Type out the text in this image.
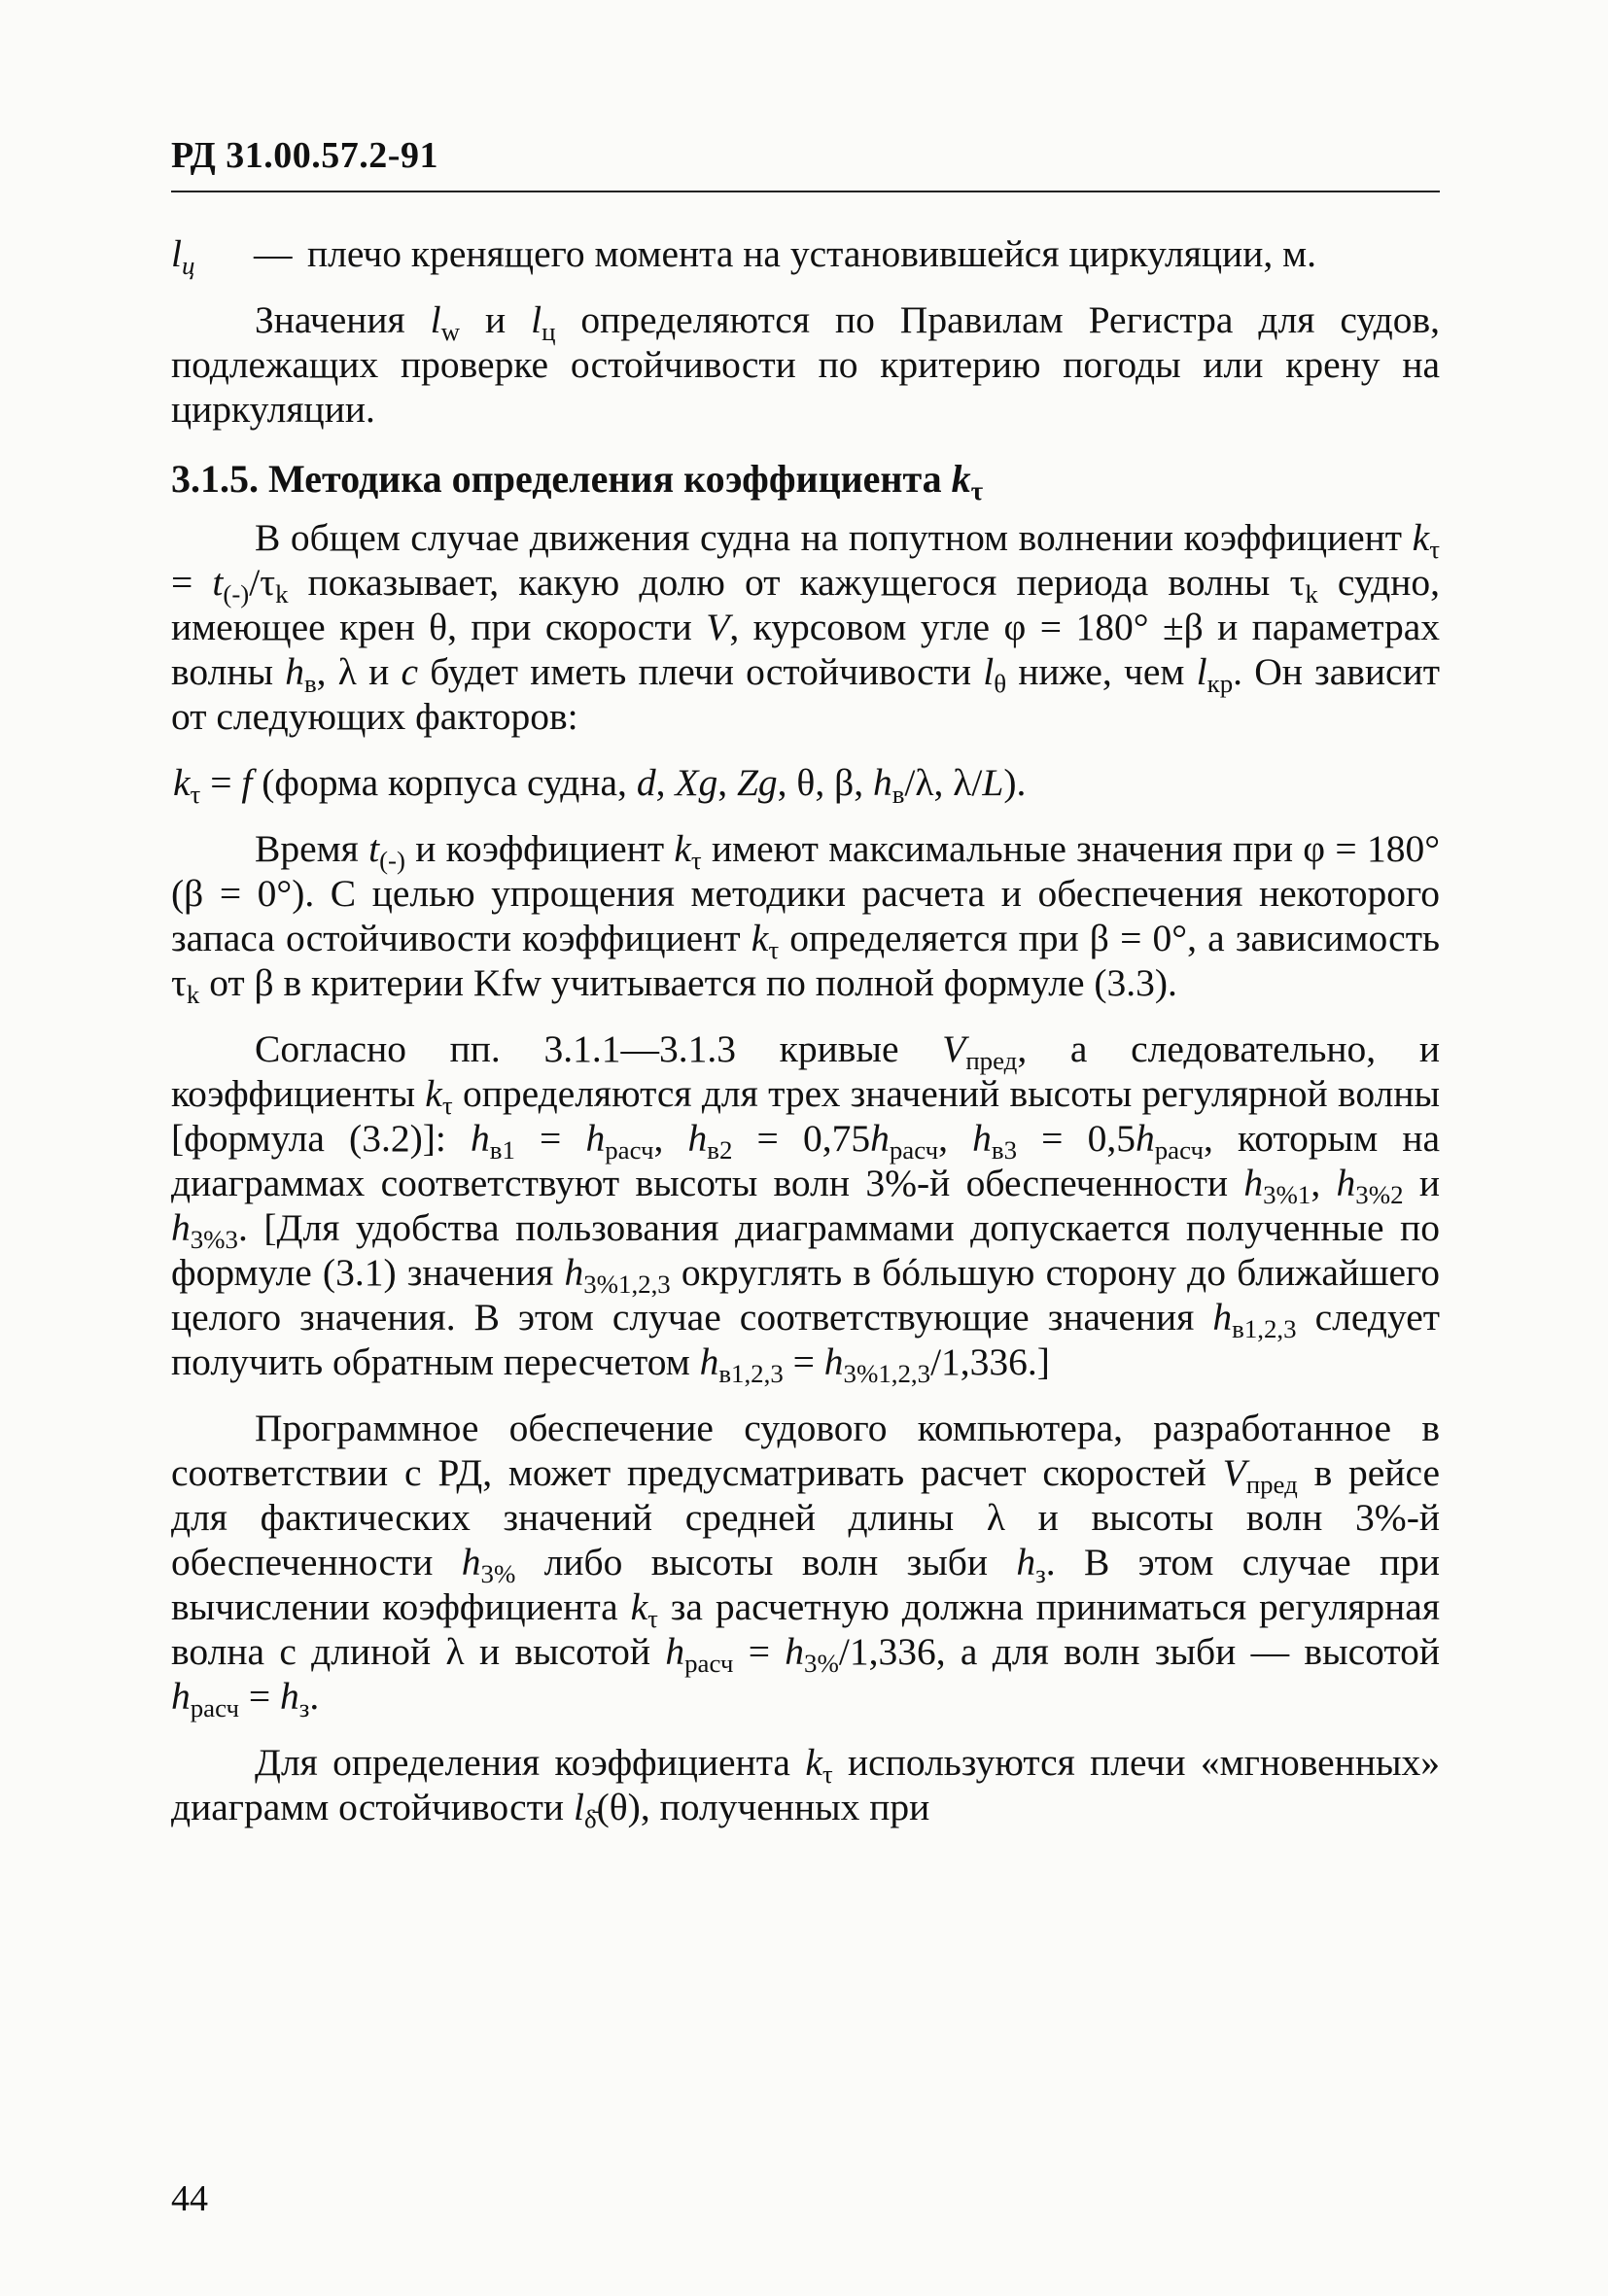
РД 31.00.57.2-91
$l_ц$	— плечо кренящего момента на установившейся циркуляции, м.

Значения $l_w$ и $l_ц$ определяются по Правилам Регистра для судов, подлежащих проверке остойчивости по критерию погоды или крену на циркуляции.

3.1.5. Методика определения коэффициента $k_\tau$

В общем случае движения судна на попутном волнении коэффициент $k_\tau = t_{(-)}/\tau_k$ показывает, какую долю от кажущегося периода волны $\tau_k$ судно, имеющее крен θ, при скорости V, курсовом угле φ = 180° ±β и параметрах волны $h_в$, λ и c будет иметь плечи остойчивости $l_\theta$ ниже, чем $l_{кр}$. Он зависит от следующих факторов:

$k_\tau = f$ (форма корпуса судна, d, Xg, Zg, θ, β, $h_в/\lambda$, λ/L).

Время $t_{(-)}$ и коэффициент $k_\tau$ имеют максимальные значения при φ = 180°(β = 0°). С целью упрощения методики расчета и обеспечения некоторого запаса остойчивости коэффициент $k_\tau$ определяется при β = 0°, а зависимость $\tau_k$ от β в критерии Kfw учитывается по полной формуле (3.3).

Согласно пп. 3.1.1—3.1.3 кривые $V_{пред}$, а следовательно, и коэффициенты $k_\tau$ определяются для трех значений высоты регулярной волны [формула (3.2)]: $h_{в1} = h_{расч}$, $h_{в2} = 0,75h_{расч}$, $h_{в3} = 0,5h_{расч}$, которым на диаграммах соответствуют высоты волн 3%-й обеспеченности $h_{3\%1}$, $h_{3\%2}$ и $h_{3\%3}$. [Для удобства пользования диаграммами допускается полученные по формуле (3.1) значения $h_{3\%1,2,3}$ округлять в бóльшую сторону до ближайшего целого значения. В этом случае соответствующие значения $h_{в1,2,3}$ следует получить обратным пересчетом $h_{в1,2,3} = h_{3\%1,2,3}/1,336$.]

Программное обеспечение судового компьютера, разработанное в соответствии с РД, может предусматривать расчет скоростей $V_{пред}$ в рейсе для фактических значений средней длины λ и высоты волн 3%-й обеспеченности $h_{3\%}$ либо высоты волн зыби $h_з$. В этом случае при вычислении коэффициента $k_\tau$ за расчетную должна приниматься регулярная волна с длиной λ и высотой $h_{расч} = h_{3\%}/1,336$, а для волн зыби — высотой $h_{расч} = h_з$.

Для определения коэффициента $k_\tau$ используются плечи «мгновенных» диаграмм остойчивости $l_{\deltā}(\theta)$, полученных при

44
